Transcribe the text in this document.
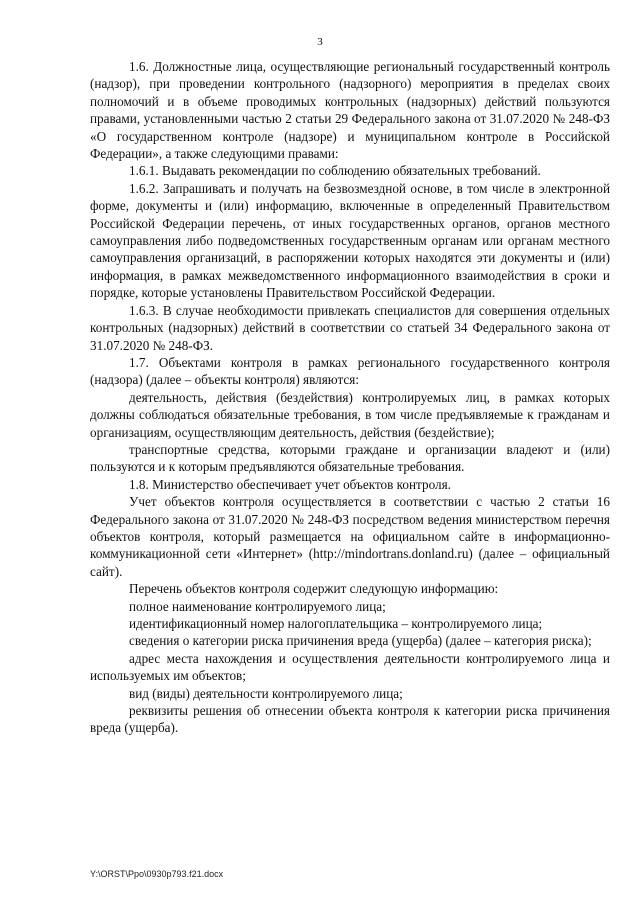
3

1.6. Должностные лица, осуществляющие региональный государственный контроль (надзор), при проведении контрольного (надзорного) мероприятия в пределах своих полномочий и в объеме проводимых контрольных (надзорных) действий пользуются правами, установленными частью 2 статьи 29 Федерального закона от 31.07.2020 № 248-ФЗ «О государственном контроле (надзоре) и муниципальном контроле в Российской Федерации», а также следующими правами:

1.6.1. Выдавать рекомендации по соблюдению обязательных требований.

1.6.2. Запрашивать и получать на безвозмездной основе, в том числе в электронной форме, документы и (или) информацию, включенные в определенный Правительством Российской Федерации перечень, от иных государственных органов, органов местного самоуправления либо подведомственных государственным органам или органам местного самоуправления организаций, в распоряжении которых находятся эти документы и (или) информация, в рамках межведомственного информационного взаимодействия в сроки и порядке, которые установлены Правительством Российской Федерации.

1.6.3. В случае необходимости привлекать специалистов для совершения отдельных контрольных (надзорных) действий в соответствии со статьей 34 Федерального закона от 31.07.2020 № 248-ФЗ.

1.7. Объектами контроля в рамках регионального государственного контроля (надзора) (далее – объекты контроля) являются:

деятельность, действия (бездействия) контролируемых лиц, в рамках которых должны соблюдаться обязательные требования, в том числе предъявляемые к гражданам и организациям, осуществляющим деятельность, действия (бездействие);

транспортные средства, которыми граждане и организации владеют и (или) пользуются и к которым предъявляются обязательные требования.

1.8. Министерство обеспечивает учет объектов контроля.

Учет объектов контроля осуществляется в соответствии с частью 2 статьи 16 Федерального закона от 31.07.2020 № 248-ФЗ посредством ведения министерством перечня объектов контроля, который размещается на официальном сайте в информационно-коммуникационной сети «Интернет» (http://mindortrans.donland.ru) (далее – официальный сайт).

Перечень объектов контроля содержит следующую информацию:

полное наименование контролируемого лица;

идентификационный номер налогоплательщика – контролируемого лица;

сведения о категории риска причинения вреда (ущерба) (далее – категория риска);

адрес места нахождения и осуществления деятельности контролируемого лица и используемых им объектов;

вид (виды) деятельности контролируемого лица;

реквизиты решения об отнесении объекта контроля к категории риска причинения вреда (ущерба).

Y:\ORST\Ppo\0930p793.f21.docx
